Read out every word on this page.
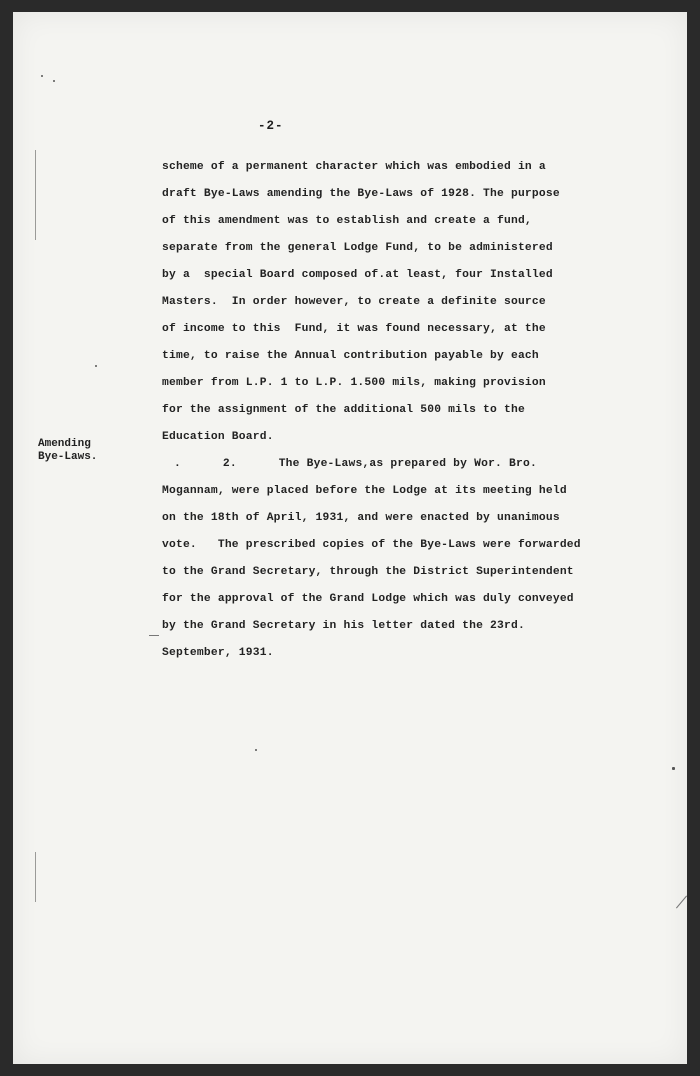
-2-
Amending
Bye-Laws.
scheme of a permanent character which was embodied in a
draft Bye-Laws amending the Bye-Laws of 1928. The purpose
of this amendment was to establish and create a fund,
separate from the general Lodge Fund, to be administered
by a  special Board composed of.at least, four Installed
Masters.  In order however, to create a definite source
of income to this  Fund, it was found necessary, at the
time, to raise the Annual contribution payable by each
member from L.P. 1 to L.P. 1.500 mils, making provision
for the assignment of the additional 500 mils to the
Education Board.
.      2.      The Bye-Laws,as prepared by Wor. Bro.
Mogannam, were placed before the Lodge at its meeting held
on the 18th of April, 1931, and were enacted by unanimous
vote.   The prescribed copies of the Bye-Laws were forwarded
to the Grand Secretary, through the District Superintendent
for the approval of the Grand Lodge which was duly conveyed
by the Grand Secretary in his letter dated the 23rd.
September, 1931.
